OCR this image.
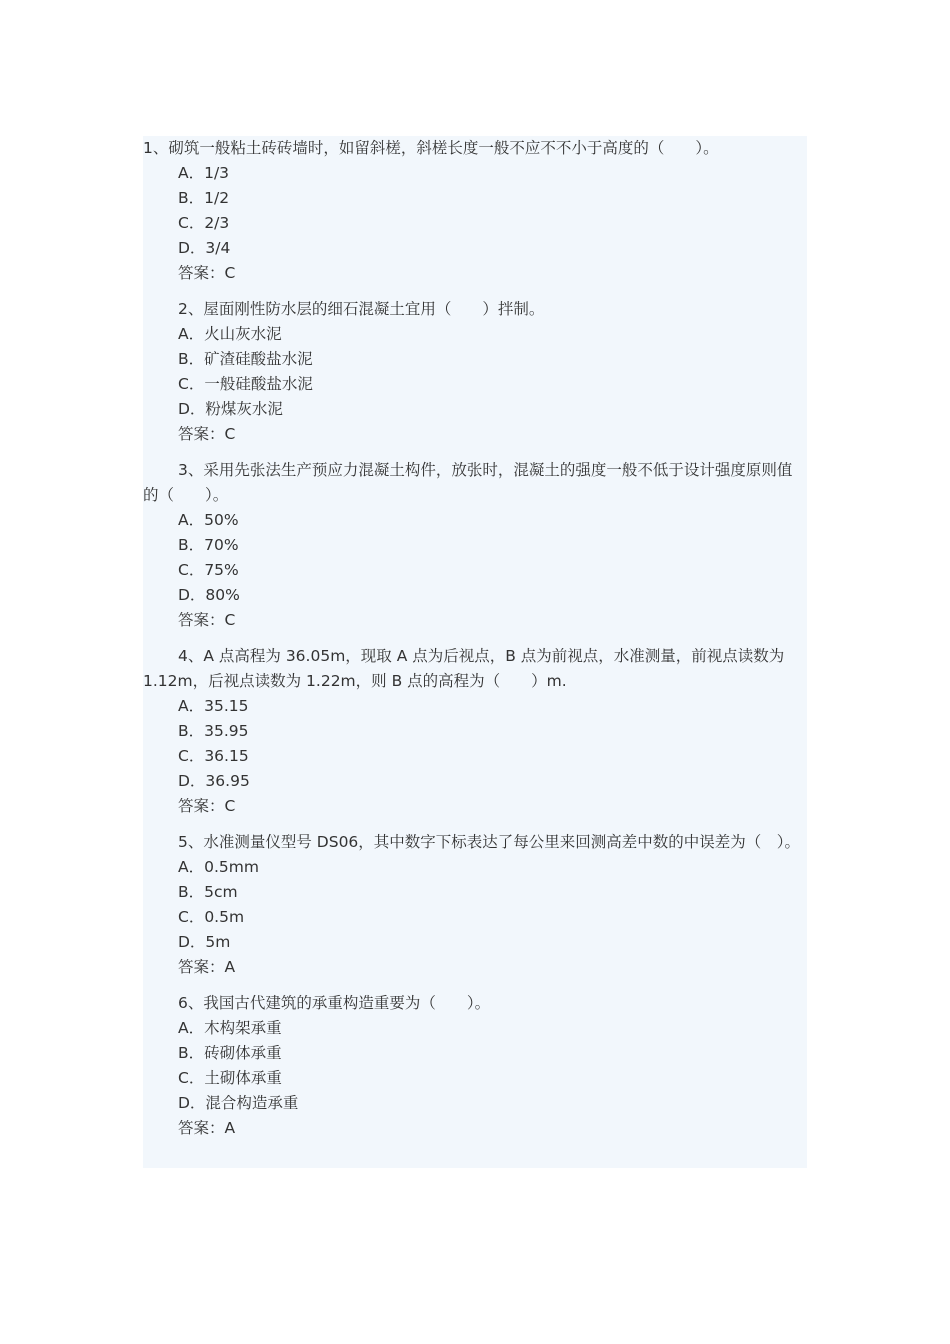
1、砌筑一般粘土砖砖墙时，如留斜槎，斜槎长度一般不应不不小于高度的（　　）。

A．1/3

B．1/2

C．2/3

D．3/4

答案：C

2、屋面刚性防水层的细石混凝土宜用（　　）拌制。

A．火山灰水泥

B．矿渣硅酸盐水泥

C．一般硅酸盐水泥

D．粉煤灰水泥

答案：C

3、采用先张法生产预应力混凝土构件，放张时，混凝土的强度一般不低于设计强度原则值的（　　）。

A．50%

B．70%

C．75%

D．80%

答案：C

4、A 点高程为 36.05m，现取 A 点为后视点，B 点为前视点，水准测量，前视点读数为 1.12m，后视点读数为 1.22m，则 B 点的高程为（　　）m.

A．35.15

B．35.95

C．36.15

D．36.95

答案：C

5、水准测量仪型号 DS06，其中数字下标表达了每公里来回测高差中数的中误差为（　）。

A．0.5mm

B．5cm

C．0.5m

D．5m

答案：A

6、我国古代建筑的承重构造重要为（　　）。

A．木构架承重

B．砖砌体承重

C．土砌体承重

D．混合构造承重

答案：A
